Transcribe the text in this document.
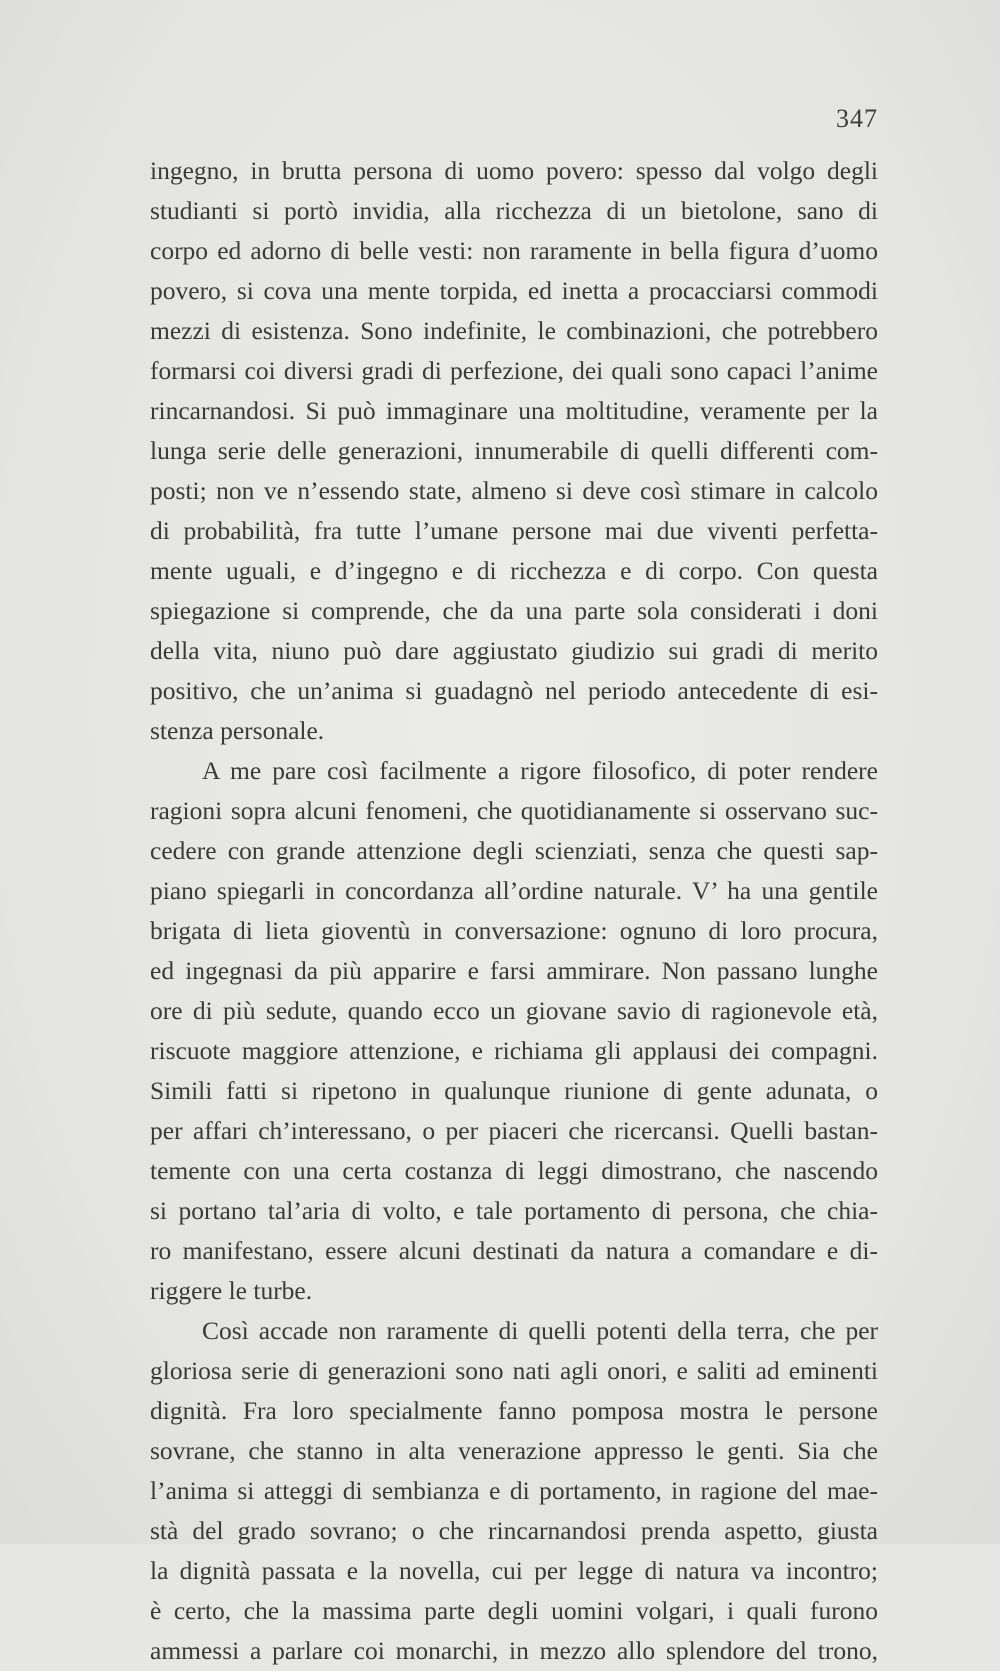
347
ingegno, in brutta persona di uomo povero: spesso dal volgo degli
studianti si portò invidia, alla ricchezza di un bietolone, sano di
corpo ed adorno di belle vesti: non raramente in bella figura d’uomo
povero, si cova una mente torpida, ed inetta a procacciarsi commodi
mezzi di esistenza. Sono indefinite, le combinazioni, che potrebbero
formarsi coi diversi gradi di perfezione, dei quali sono capaci l’anime
rincarnandosi. Si può immaginare una moltitudine, veramente per la
lunga serie delle generazioni, innumerabile di quelli differenti com-
posti; non ve n’essendo state, almeno si deve così stimare in calcolo
di probabilità, fra tutte l’umane persone mai due viventi perfetta-
mente uguali, e d’ingegno e di ricchezza e di corpo. Con questa
spiegazione si comprende, che da una parte sola considerati i doni
della vita, niuno può dare aggiustato giudizio sui gradi di merito
positivo, che un’anima si guadagnò nel periodo antecedente di esi-
stenza personale.
A me pare così facilmente a rigore filosofico, di poter rendere
ragioni sopra alcuni fenomeni, che quotidianamente si osservano suc-
cedere con grande attenzione degli scienziati, senza che questi sap-
piano spiegarli in concordanza all’ordine naturale. V’ ha una gentile
brigata di lieta gioventù in conversazione: ognuno di loro procura,
ed ingegnasi da più apparire e farsi ammirare. Non passano lunghe
ore di più sedute, quando ecco un giovane savio di ragionevole età,
riscuote maggiore attenzione, e richiama gli applausi dei compagni.
Simili fatti si ripetono in qualunque riunione di gente adunata, o
per affari ch’interessano, o per piaceri che ricercansi. Quelli bastan-
temente con una certa costanza di leggi dimostrano, che nascendo
si portano tal’aria di volto, e tale portamento di persona, che chia-
ro manifestano, essere alcuni destinati da natura a comandare e di-
riggere le turbe.
Così accade non raramente di quelli potenti della terra, che per
gloriosa serie di generazioni sono nati agli onori, e saliti ad eminenti
dignità. Fra loro specialmente fanno pomposa mostra le persone
sovrane, che stanno in alta venerazione appresso le genti. Sia che
l’anima si atteggi di sembianza e di portamento, in ragione del mae-
stà del grado sovrano; o che rincarnandosi prenda aspetto, giusta
la dignità passata e la novella, cui per legge di natura va incontro;
è certo, che la massima parte degli uomini volgari, i quali furono
ammessi a parlare coi monarchi, in mezzo allo splendore del trono,
